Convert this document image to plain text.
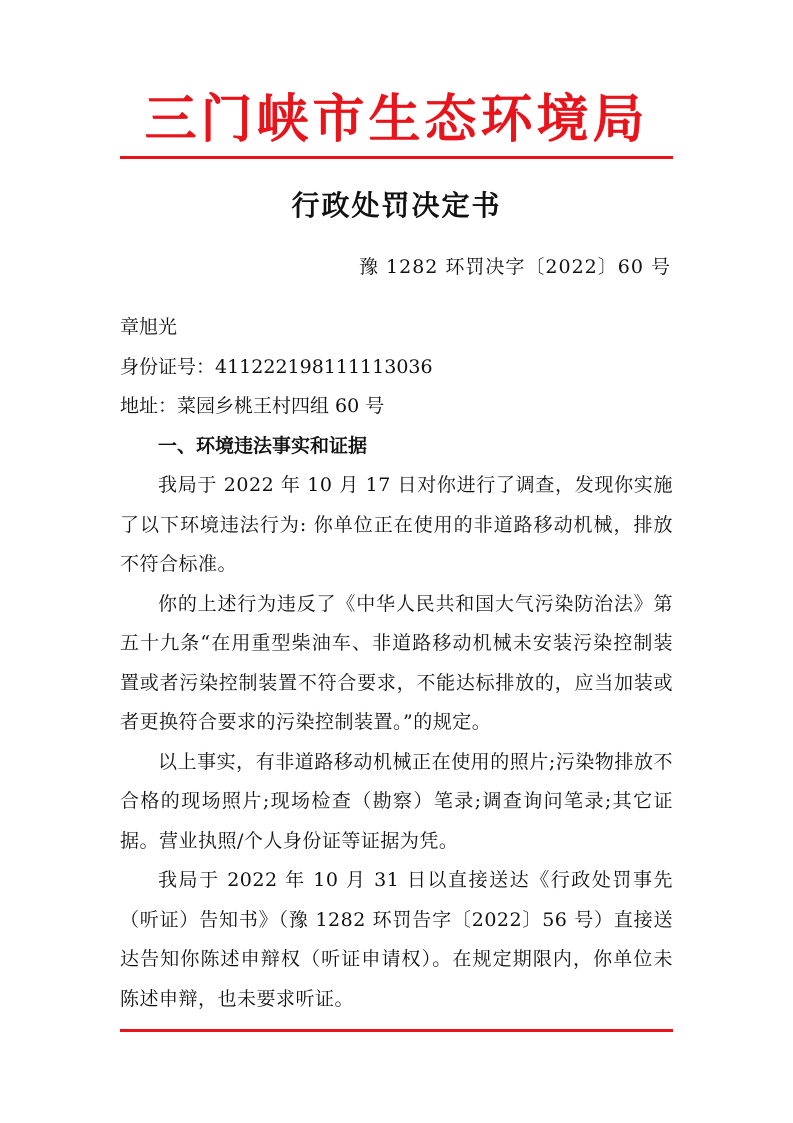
三门峡市生态环境局
行政处罚决定书
豫 1282 环罚决字〔2022〕60 号

章旭光

身份证号：411222198111113036

地址：菜园乡桃王村四组 60 号

一、环境违法事实和证据

我局于 2022 年 10 月 17 日对你进行了调查，发现你实施了以下环境违法行为: 你单位正在使用的非道路移动机械，排放不符合标准。

你的上述行为违反了《中华人民共和国大气污染防治法》第五十九条“在用重型柴油车、非道路移动机械未安装污染控制装置或者污染控制装置不符合要求，不能达标排放的，应当加装或者更换符合要求的污染控制装置。”的规定。

以上事实，有非道路移动机械正在使用的照片;污染物排放不合格的现场照片;现场检查（勘察）笔录;调查询问笔录;其它证据。营业执照/个人身份证等证据为凭。

我局于 2022 年 10 月 31 日以直接送达《行政处罚事先（听证）告知书》（豫 1282 环罚告字〔2022〕56 号）直接送达告知你陈述申辩权（听证申请权）。在规定期限内，你单位未陈述申辩，也未要求听证。
